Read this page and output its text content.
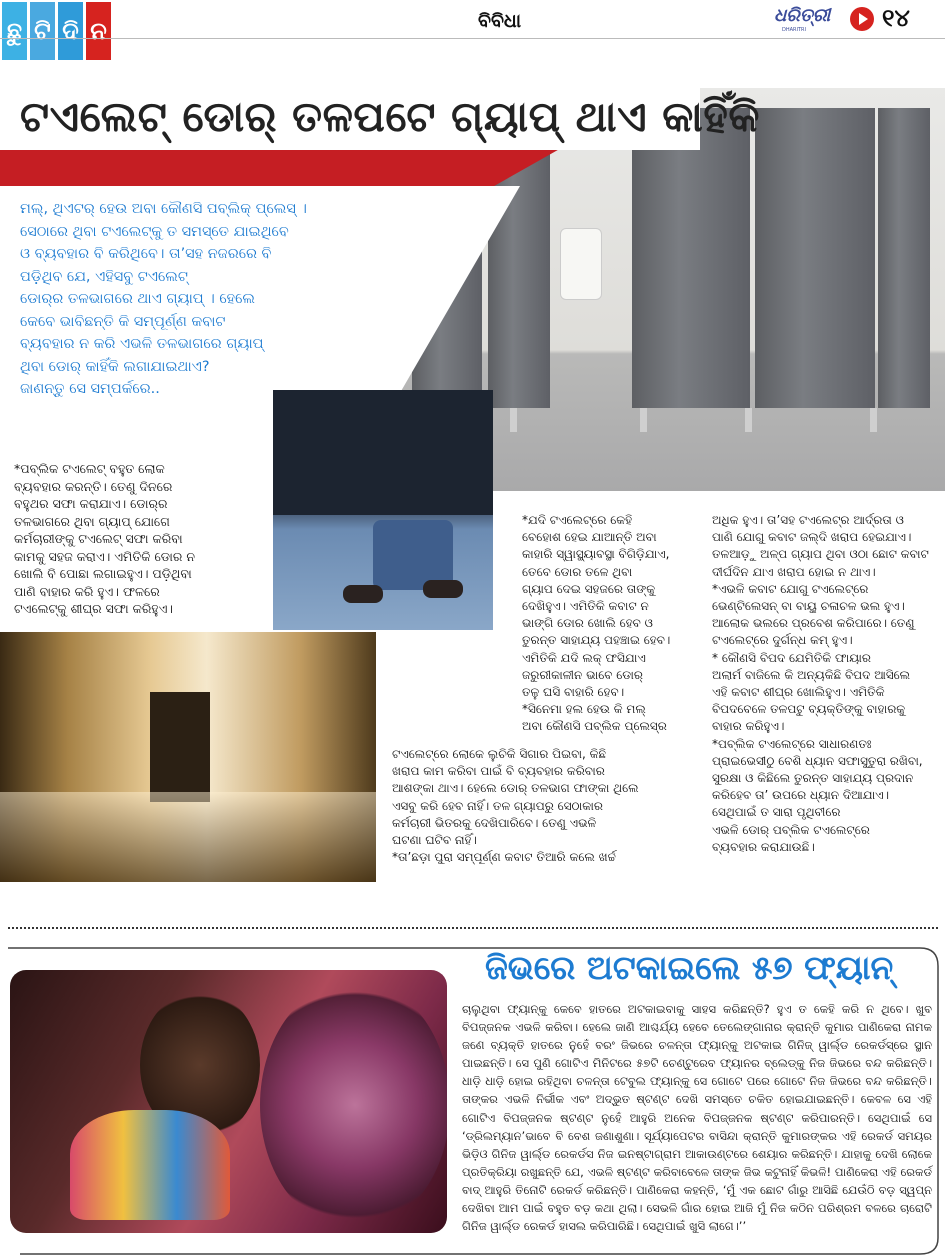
ଛୁ ଟି ଦି ନ	ବିବିଧା	ଧରିତ୍ରୀ
DHARITRI	୧୪
ଟଏଲେଟ୍ ଡୋର୍ ତଳପଟେ ଗ୍ୟାପ୍ ଥାଏ କାହିଁକି
ମଲ୍, ଥିଏଟର୍ ହେଉ ଅବା କୌଣସି ପବ୍ଲିକ୍ ପ୍ଲେସ୍ ।
ସେଠାରେ ଥିବା ଟଏଲେଟ୍‌କୁ ତ ସମସ୍ତେ ଯାଇଥିବେ
ଓ ବ୍ୟବହାର ବି କରିଥିବେ। ତା’ସହ ନଜରରେ ବି
ପଡ଼ିଥିବ ଯେ, ଏହିସବୁ ଟଏଲେଟ୍
ଡୋର୍‌ର ତଳଭାଗରେ ଥାଏ ଗ୍ୟାପ୍ । ହେଲେ
କେବେ ଭାବିଛନ୍ତି କି ସମ୍ପୂର୍ଣ୍ଣ କବାଟ
ବ୍ୟବହାର ନ କରି ଏଭଳି ତଳଭାଗରେ ଗ୍ୟାପ୍
ଥିବା ଡୋର୍ କାହିଁକି ଲଗାଯାଇଥାଏ?
ଜାଣନ୍ତୁ ସେ ସମ୍ପର୍କରେ..
*ପବ୍ଲିକ ଟଏଲେଟ୍ ବହୁତ ଲୋକ
ବ୍ୟବହାର କରନ୍ତି। ତେଣୁ ଦିନରେ
ବହୁଥର ସଫା କରାଯାଏ। ଡୋର୍‌ର
ତଳଭାଗରେ ଥିବା ଗ୍ୟାପ୍ ଯୋଗେ
କର୍ମଚାରୀଙ୍କୁ ଟଏଲେଟ୍ ସଫା କରିବା
କାମକୁ ସହଜ କରାଏ। ଏମିତିକି ଡୋର ନ
ଖୋଲି ବି ପୋଛା ଲଗାଇହୁଏ। ପଡ଼ିଥିବା
ପାଣି ବାହାର କରି ହୁଏ। ଫଳରେ
ଟଏଲେଟ୍‌କୁ ଶୀଘ୍ର ସଫା କରିହୁଏ।
*ଯଦି ଟଏଲେଟ୍‌ରେ କେହି
ବେହୋଶ ହେଇ ଯାଆନ୍ତି ଅବା
କାହାରି ସ୍ୱାସ୍ଥ୍ୟାବସ୍ଥା ବିଗିଡ଼ିଯାଏ,
ତେବେ ଡୋର ତଳେ ଥିବା
ଗ୍ୟାପ ଦେଇ ସହଜରେ ତାଙ୍କୁ
ଦେଖିହୁଏ। ଏମିତିକି କବାଟ ନ
ଭାଙ୍ଗି ଡୋର ଖୋଲି ହେବ ଓ
ତୁରନ୍ତ ସାହାଯ୍ୟ ପହଞ୍ଚାଇ ହେବ।
ଏମିତିକି ଯଦି ଲକ୍ ଫସିଯାଏ
ଜରୁରୀକାଳୀନ ଭାବେ ଡୋର୍
ତଳୁ ଘସି ବାହାରି ହେବ।
*ସିନେମା ହଲ ହେଉ କି ମଲ୍
ଅବା କୌଣସି ପବ୍ଲିକ ପ୍ଲେସ୍‌ର
ଟଏଲେଟ୍‌ରେ ଲୋକେ ଲୁଚିକି ସିଗାର ପିଇବା, କିଛି
ଖରାପ କାମ କରିବା ପାଇଁ ବି ବ୍ୟବହାର କରିବାର
ଆଶଙ୍କା ଥାଏ। ହେଲେ ଡୋର୍ ତଳଭାଗ ଫାଙ୍କା ଥିଲେ
ଏସବୁ କରି ହେବ ନାହିଁ। ତଳ ଗ୍ୟାପରୁ ସେଠାକାର
କର୍ମଚାରୀ ଭିତରକୁ ଦେଖିପାରିବେ। ତେଣୁ ଏଭଳି
ଘଟଣା ଘଟିବ ନାହିଁ।
*ତା’ଛଡ଼ା ପୁରା ସମ୍ପୂର୍ଣ୍ଣ କବାଟ ତିଆରି କଲେ ଖର୍ଚ୍ଚ
ଅଧିକ ହୁଏ। ତା’ସହ ଟଏଲେଟ୍‌ର ଆର୍ଦ୍ରତା ଓ
ପାଣି ଯୋଗୁ କବାଟ ଜଲ୍‌ଦି ଖରାପ ହେଇଯାଏ।
ତଳଆଡ଼ୁ ଅଳ୍ପ ଗ୍ୟାପ ଥିବା ଓ‌ଠା ଛୋଟ କବାଟ
ଦୀର୍ଘଦିନ ଯାଏ ଖରାପ ହୋଇ ନ ଥାଏ।
*ଏଭଳି କବାଟ ଯୋଗୁ ଟଏଲେଟ୍‌ରେ
ଭେଣ୍ଟିଲେସନ୍ ବା ବାୟୁ ଚଳାଚଳ ଭଲ ହୁଏ।
ଆଲୋକ ଭଲରେ ପ୍ରବେଶ କରିପାରେ। ତେଣୁ
ଟଏଲେଟ୍‌ରେ ଦୁର୍ଗନ୍ଧ କମ୍ ହୁଏ।
* କୌଣସି ବିପଦ ଯେମିତିକି ଫାୟାର
ଅଲାର୍ମ ବାଜିଲେ କି ଅନ୍ୟକିଛି ବିପଦ ଆସିଲେ
ଏହି କବାଟ ଶୀଘ୍ର ଖୋଲିହୁଏ। ଏମିତିକି
ବିପଦବେଳେ ତଳପଟୁ ବ୍ୟକ୍ତିଙ୍କୁ ବାହାରକୁ
ବାହାର କରିହୁଏ।
*ପବ୍ଲିକ ଟଏଲେଟ୍‌ରେ ସାଧାରଣତଃ
ପ୍ରାଇଭେସୀଠୁ ବେଶି ଧ୍ୟାନ ସଫାସୁତୁରା ରଖିବା,
ସୁରକ୍ଷା ଓ କିଛିଲେ ତୁରନ୍ତ ସାହାଯ୍ୟ ପ୍ରଦାନ
କରିହେବ ତା’ ଉପରେ ଧ୍ୟାନ ଦିଆଯାଏ।
ସେଥିପାଇଁ ତ ସାରା ପୃଥିବୀରେ
ଏଭଳି ଡୋର୍ ପବ୍ଲିକ ଟଏଲେଟ୍‌ରେ
ବ୍ୟବହାର କରାଯାଉଛି।
ଜିଭରେ ଅଟକାଇଲେ ୫୭ ଫ୍ୟାନ୍
ଚାଲୁଥିବା ଫ୍ୟାନ୍‌କୁ କେବେ ହାତରେ ଅଟକାଇବାକୁ ସାହସ କରିଛନ୍ତି? ହୁଏ ତ କେହି କରି ନ ଥିବେ। ଖୁବ ବିପଜ୍ଜନକ ଏଭଳି କରିବା। ହେଲେ ଜାଣି ଆଶ୍ଚର୍ଯ୍ୟ ହେବେ ତେଲେଙ୍ଗାନାର କ୍ରାନ୍ତି କୁମାର ପାଣିକେରା ନାମକ ଜଣେ ବ୍ୟକ୍ତି ହାତରେ ନୁହେଁ ବରଂ ଜିଭରେ ଚଳନ୍ତା ଫ୍ୟାନ୍‌କୁ ଅଟକାଇ ଗିନିଜ୍ ୱାର୍ଲ୍ଡ ରେକର୍ଡସ୍‌ରେ ସ୍ଥାନ ପାଇଛନ୍ତି। ସେ ପୁଣି ଗୋଟିଏ ମିନିଟରେ ୫୭ଟି ଚେଣ୍ଟୁରେବ ଫ୍ୟାନର ବ୍ଲେଡ୍‌କୁ ନିଜ ଜିଭରେ ବନ୍ଦ କରିଛନ୍ତି। ଧାଡ଼ି ଧାଡ଼ି ହୋଇ ରହିଥିବା ଚଳନ୍ତା ଟେବୁଲ ଫ୍ୟାନ୍‌କୁ ସେ ଗୋଟେ ପରେ ଗୋଟେ ନିଜ ଜିଭରେ ବନ୍ଦ କରିଛନ୍ତି। ତାଙ୍କର ଏଭଳି ନିର୍ଭୀକ ଏବଂ ଅଦ୍ଭୁତ ଷ୍ଟଣ୍ଟ ଦେଖି ସମସ୍ତେ ଚକିତ ହୋଇଯାଇଛନ୍ତି। କେବଳ ସେ ଏହି ଗୋଟିଏ ବିପଜ୍ଜନକ ଷ୍ଟଣ୍ଟ ନୁହେଁ ଆହୁରି ଅନେକ ବିପଜ୍ଜନକ ଷ୍ଟଣ୍ଟ କରିପାରନ୍ତି। ସେଥିପାଇଁ ସେ ‘ଡ୍ରିଲମ୍ୟାନ’ଭାବେ ବି ବେଶ ଜଣାଶୁଣା। ସୂର୍ଯ୍ୟାପେଟର ବାସିନ୍ଦା କ୍ରାନ୍ତି କୁମାରଙ୍କର ଏହି ରେକର୍ଡ ସମୟର ଭିଡ଼ିଓ ଗିନିଜ ୱାର୍ଲ୍ଡ ରେକର୍ଡସ ନିଜ ଇନଷ୍ଟାଗ୍ରାମ ଆକାଉଣ୍ଟରେ ଶେୟାର କରିଛନ୍ତି। ଯାହାକୁ ଦେଖି ଲୋକେ ପ୍ରତିକ୍ରିୟା ରଖୁଛନ୍ତି ଯେ, ଏଭଳି ଷ୍ଟଣ୍ଟ କରିବାବେଳେ ତାଙ୍କ ଜିଭ କଟୁନାହିଁ କିଭଳି! ପାଣିକେରା ଏହି ରେକର୍ଡ ବାଦ୍ ଆହୁରି ତିନୋଟି ରେକର୍ଡ କରିଛନ୍ତି। ପାଣିକେରା କହନ୍ତି, ‘ମୁଁ ଏକ ଛୋଟ ଗାଁରୁ ଆସିଛି ଯେଉଁଠି ବଡ଼ ସ୍ୱପ୍ନ ଦେଖିବା ଆମ ପାଇଁ ବହୁତ ବଡ଼ କଥା ଥିଲା। ସେଭଳି ଗାଁର ହୋଇ ଆଜି ମୁଁ ନିଜ କଠିନ ପରିଶ୍ରମ ବଳରେ ଚାରୋଟି ଗିନିଜ ୱାର୍ଲ୍ଡ ରେକର୍ଡ ହାସଲ କରିପାରିଛି। ସେଥିପାଇଁ ଖୁସି ଲାଗେ।’’
